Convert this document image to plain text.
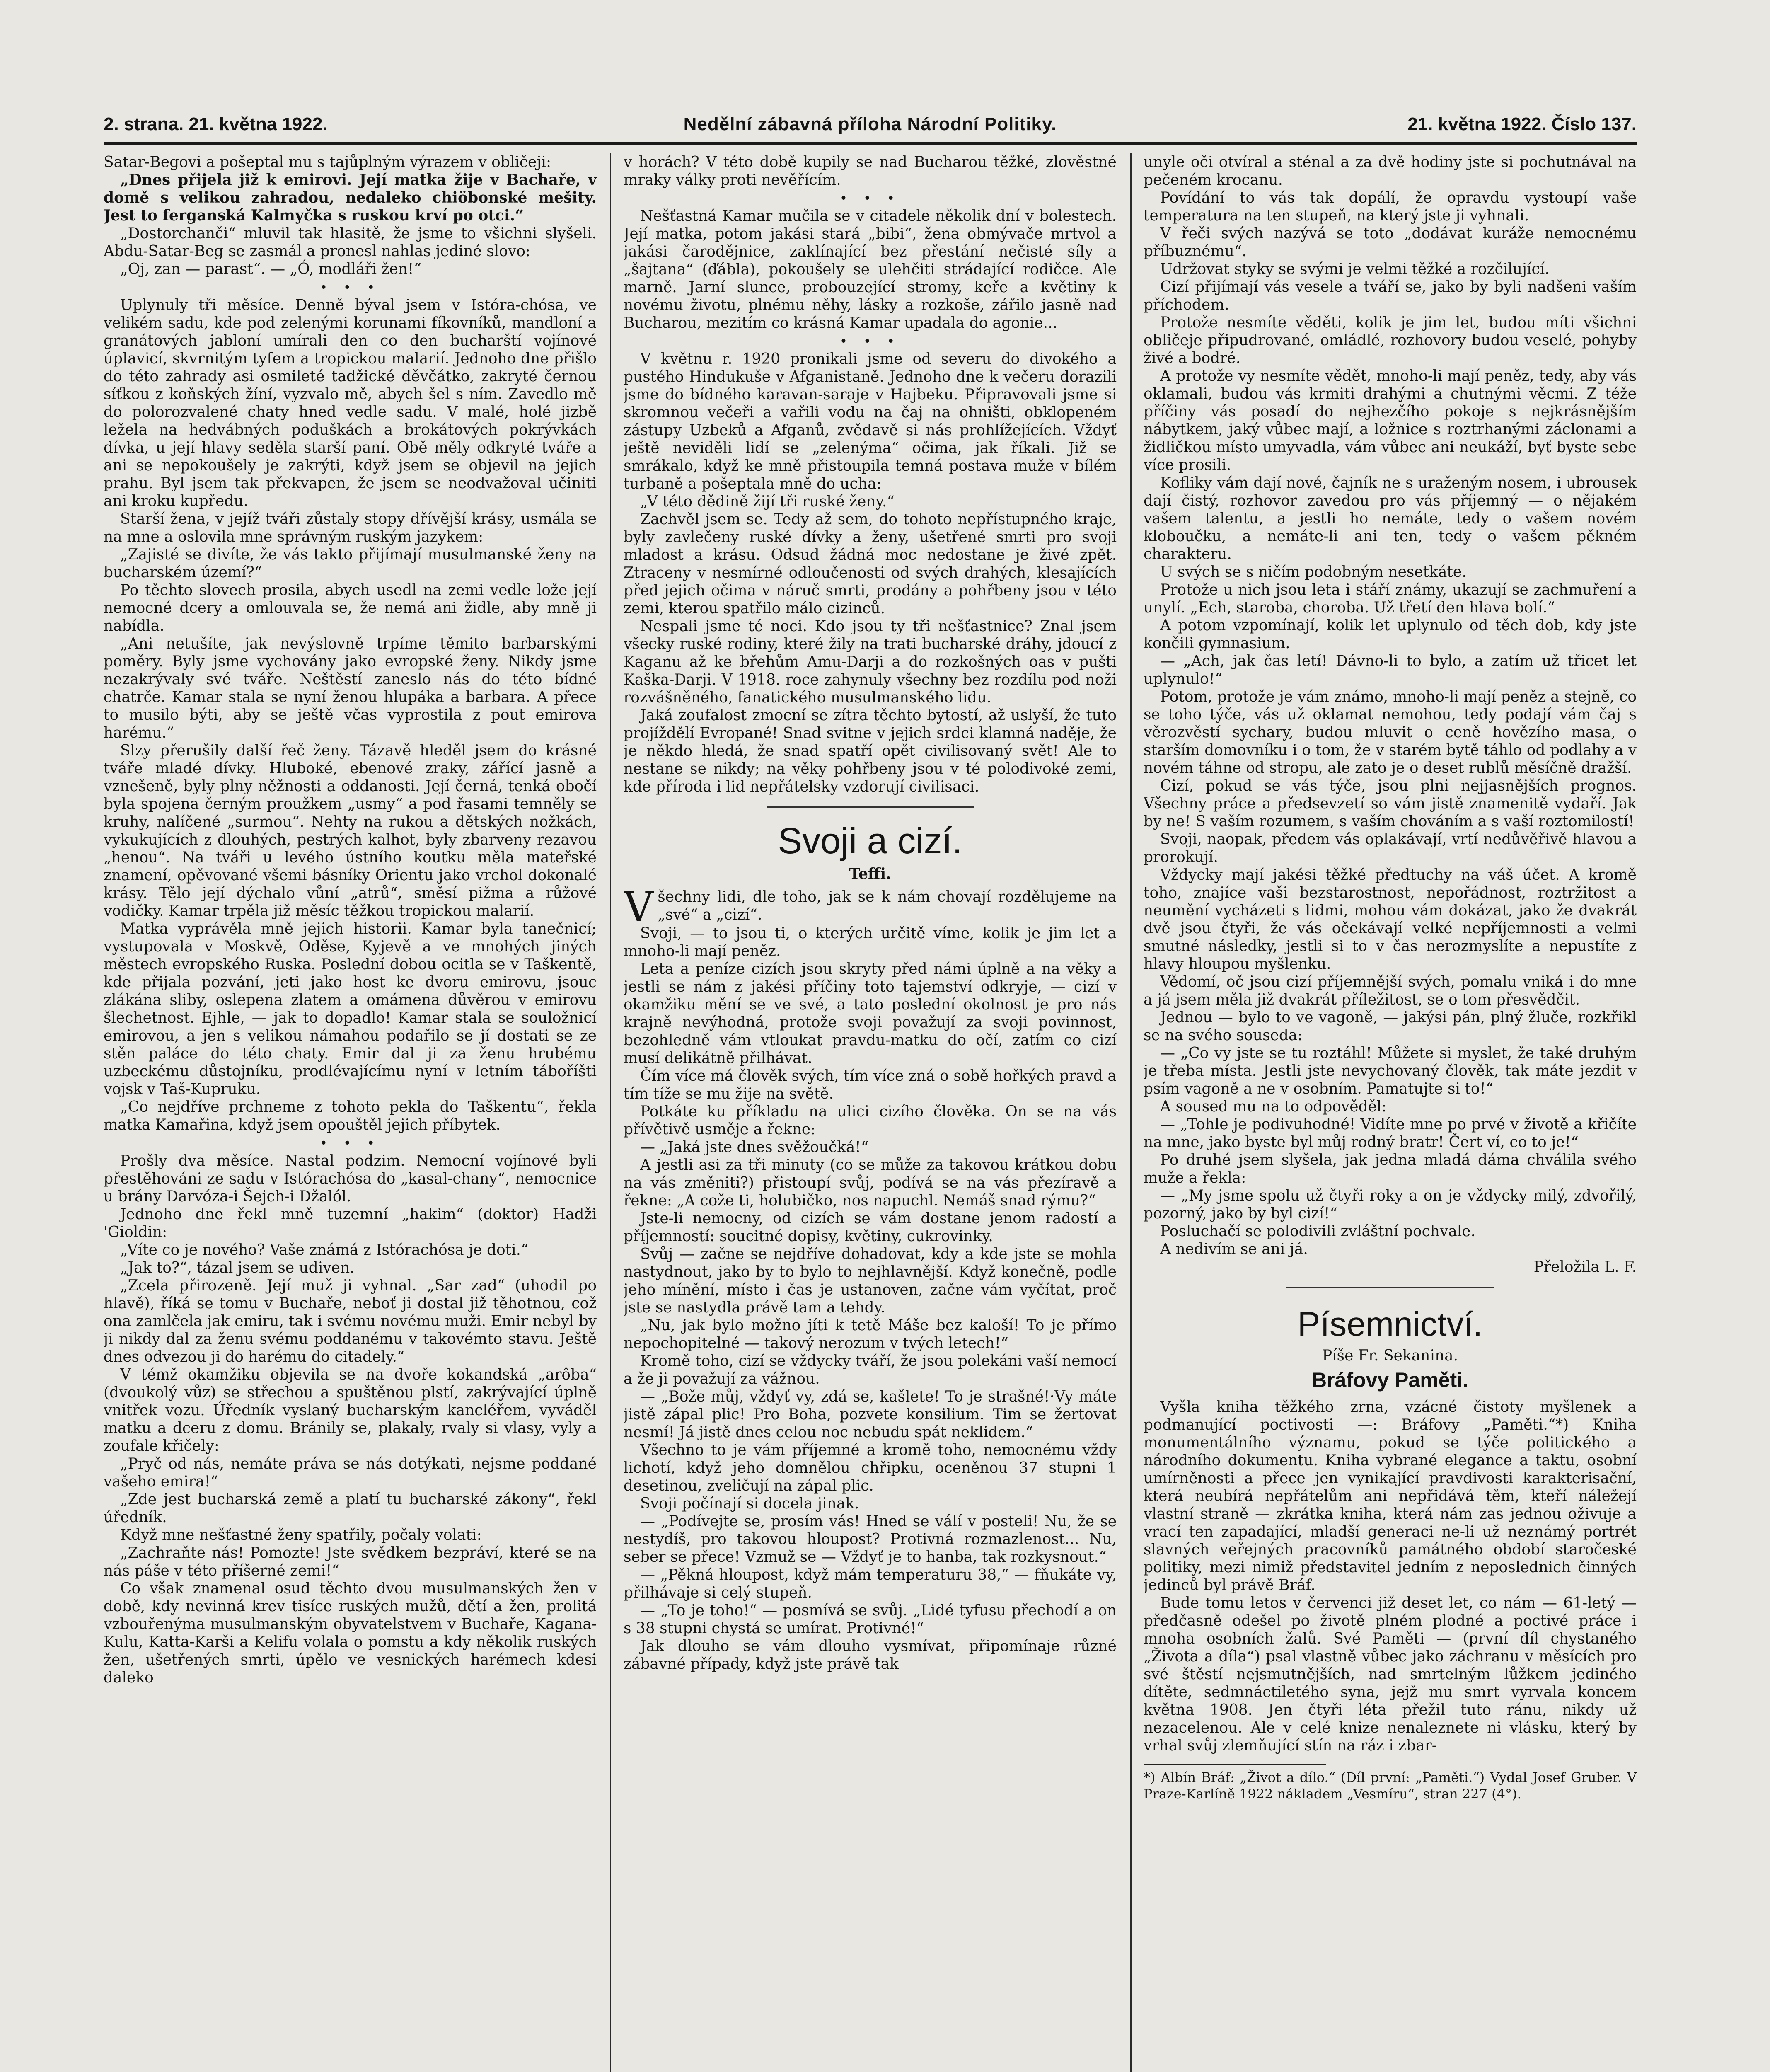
2. strana. 21. května 1922.	Nedělní zábavná příloha Národní Politiky.	21. května 1922. Číslo 137.

Satar-Begovi a pošeptal mu s tajůplným výrazem v obličeji:

„Dnes přijela již k emirovi. Její matka žije v Bachaře, v domě s velikou zahradou, nedaleko chiöbonské mešity. Jest to ferganská Kalmyčka s ruskou krví po otci.“

„Dostorchanči“ mluvil tak hlasitě, že jsme to všichni slyšeli. Abdu-Satar-Beg se zasmál a pronesl nahlas jediné slovo:

„Oj, zan — parast“. — „Ó, modláři žen!“

• • •

Uplynuly tři měsíce. Denně býval jsem v Istóra-chósa, ve velikém sadu, kde pod zelenými korunami fíkovníků, mandloní a granátových jabloní umírali den co den bucharští vojínové úplavicí, skvrnitým tyfem a tropickou malarií. Jednoho dne přišlo do této zahrady asi osmileté tadžické děvčátko, zakryté černou síťkou z koňských žíní, vyzvalo mě, abych šel s ním. Zavedlo mě do polorozvalené chaty hned vedle sadu. V malé, holé jizbě ležela na hedvábných poduškách a brokátových pokrývkách dívka, u její hlavy seděla starší paní. Obě měly odkryté tváře a ani se nepokoušely je zakrýti, když jsem se objevil na jejich prahu. Byl jsem tak překvapen, že jsem se neodvažoval učiniti ani kroku kupředu.

Starší žena, v jejíž tváři zůstaly stopy dřívější krásy, usmála se na mne a oslovila mne správným ruským jazykem:

„Zajisté se divíte, že vás takto přijímají musulmanské ženy na bucharském území?“

Po těchto slovech prosila, abych usedl na zemi vedle lože její nemocné dcery a omlouvala se, že nemá ani židle, aby mně ji nabídla.

„Ani netušíte, jak nevýslovně trpíme těmito barbarskými poměry. Byly jsme vychovány jako evropské ženy. Nikdy jsme nezakrývaly své tváře. Neštěstí zaneslo nás do této bídné chatrče. Kamar stala se nyní ženou hlupáka a barbara. A přece to musilo býti, aby se ještě včas vyprostila z pout emirova harému.“

Slzy přerušily další řeč ženy. Tázavě hleděl jsem do krásné tváře mladé dívky. Hluboké, ebenové zraky, zářící jasně a vznešeně, byly plny něžnosti a oddanosti. Její černá, tenká obočí byla spojena černým proužkem „usmy“ a pod řasami temněly se kruhy, nalíčené „surmou“. Nehty na rukou a dětských nožkách, vykukujících z dlouhých, pestrých kalhot, byly zbarveny rezavou „henou“. Na tváři u levého ústního koutku měla mateřské znamení, opěvované všemi básníky Orientu jako vrchol dokonalé krásy. Tělo její dýchalo vůní „atrů“, směsí pižma a růžové vodičky. Kamar trpěla již měsíc těžkou tropickou malarií.

Matka vyprávěla mně jejich historii. Kamar byla tanečnicí; vystupovala v Moskvě, Oděse, Kyjevě a ve mnohých jiných městech evropského Ruska. Poslední dobou ocitla se v Taškentě, kde přijala pozvání, jeti jako host ke dvoru emirovu, jsouc zlákána sliby, oslepena zlatem a omámena důvěrou v emirovu šlechetnost. Ejhle, — jak to dopadlo! Kamar stala se souložnicí emirovou, a jen s velikou námahou podařilo se jí dostati se ze stěn paláce do této chaty. Emir dal ji za ženu hrubému uzbeckému důstojníku, prodlévajícímu nyní v letním táboříšti vojsk v Taš-Kupruku.

„Co nejdříve prchneme z tohoto pekla do Taškentu“, řekla matka Kamařina, když jsem opouštěl jejich příbytek.

• • •

Prošly dva měsíce. Nastal podzim. Nemocní vojínové byli přestěhováni ze sadu v Istórachósa do „kasal-chany“, nemocnice u brány Darvóza-i Šejch-i Džalól.

Jednoho dne řekl mně tuzemní „hakim“ (doktor) Hadži 'Gioldin:

„Víte co je nového? Vaše známá z Istórachósa je doti.“

„Jak to?“, tázal jsem se udiven.

„Zcela přirozeně. Její muž ji vyhnal. „Sar zad“ (uhodil po hlavě), říká se tomu v Buchaře, neboť ji dostal již těhotnou, což ona zamlčela jak emiru, tak i svému novému muži. Emir nebyl by ji nikdy dal za ženu svému poddanému v takovémto stavu. Ještě dnes odvezou ji do harému do citadely.“

V témž okamžiku objevila se na dvoře kokandská „arôba“ (dvoukolý vůz) se střechou a spuštěnou plstí, zakrývající úplně vnitřek vozu. Úředník vyslaný bucharským kancléřem, vyváděl matku a dceru z domu. Bránily se, plakaly, rvaly si vlasy, vyly a zoufale křičely:

„Pryč od nás, nemáte práva se nás dotýkati, nejsme poddané vašeho emira!“

„Zde jest bucharská země a platí tu bucharské zákony“, řekl úředník.

Když mne nešťastné ženy spatřily, počaly volati:

„Zachraňte nás! Pomozte! Jste svědkem bezpráví, které se na nás páše v této příšerné zemi!“

Co však znamenal osud těchto dvou musulmanských žen v době, kdy nevinná krev tisíce ruských mužů, dětí a žen, prolitá vzbouřenýma musulmanským obyvatelstvem v Buchaře, Kagana-Kulu, Katta-Karši a Kelifu volala o pomstu a kdy několik ruských žen, ušetřených smrti, úpělo ve vesnických harémech kdesi daleko

v horách? V této době kupily se nad Bucharou těžké, zlověstné mraky války proti nevěřícím.

• • •

Nešťastná Kamar mučila se v citadele několik dní v bolestech. Její matka, potom jakási stará „bibi“, žena obmývače mrtvol a jakási čarodějnice, zaklínající bez přestání nečisté síly a „šajtana“ (ďábla), pokoušely se ulehčiti strádající rodičce. Ale marně. Jarní slunce, probouzející stromy, keře a květiny k novému životu, plnému něhy, lásky a rozkoše, zářilo jasně nad Bucharou, mezitím co krásná Kamar upadala do agonie...

• • •

V květnu r. 1920 pronikali jsme od severu do divokého a pustého Hindukuše v Afganistaně. Jednoho dne k večeru dorazili jsme do bídného karavan-saraje v Hajbeku. Připravovali jsme si skromnou večeři a vařili vodu na čaj na ohništi, obklopeném zástupy Uzbeků a Afganů, zvědavě si nás prohlížejících. Vždyť ještě neviděli lidí se „zelenýma“ očima, jak říkali. Již se smrákalo, když ke mně přistoupila temná postava muže v bílém turbaně a pošeptala mně do ucha:

„V této dědině žijí tři ruské ženy.“

Zachvěl jsem se. Tedy až sem, do tohoto nepřístupného kraje, byly zavlečeny ruské dívky a ženy, ušetřené smrti pro svoji mladost a krásu. Odsud žádná moc nedostane je živé zpět. Ztraceny v nesmírné odloučenosti od svých drahých, klesajících před jejich očima v náruč smrti, prodány a pohřbeny jsou v této zemi, kterou spatřilo málo cizinců.

Nespali jsme té noci. Kdo jsou ty tři nešťastnice? Znal jsem všecky ruské rodiny, které žily na trati bucharské dráhy, jdoucí z Kaganu až ke břehům Amu-Darji a do rozkošných oas v pušti Kaška-Darji. V 1918. roce zahynuly všechny bez rozdílu pod noži rozvášněného, fanatického musulmanského lidu.

Jaká zoufalost zmocní se zítra těchto bytostí, až uslyší, že tuto projíždělí Evropané! Snad svitne v jejich srdci klamná naděje, že je někdo hledá, že snad spatří opět civilisovaný svět! Ale to nestane se nikdy; na věky pohřbeny jsou v té polodivoké zemi, kde příroda i lid nepřátelsky vzdorují civilisaci.

Svoji a cizí.
Teffi.

Všechny lidi, dle toho, jak se k nám chovají rozdělujeme na „své“ a „cizí“.

Svoji, — to jsou ti, o kterých určitě víme, kolik je jim let a mnoho-li mají peněz.

Leta a peníze cizích jsou skryty před námi úplně a na věky a jestli se nám z jakési příčiny toto tajemství odkryje, — cizí v okamžiku mění se ve své, a tato poslední okolnost je pro nás krajně nevýhodná, protože svoji považují za svoji povinnost, bezohledně vám vtloukat pravdu-matku do očí, zatím co cizí musí delikátně přilhávat.

Čím více má člověk svých, tím více zná o sobě hořkých pravd a tím tíže se mu žije na světě.

Potkáte ku příkladu na ulici cizího člověka. On se na vás přívětivě usměje a řekne:

— „Jaká jste dnes svěžoučká!“

A jestli asi za tři minuty (co se může za takovou krátkou dobu na vás změniti?) přistoupí svůj, podívá se na vás přezíravě a řekne: „A cože ti, holubičko, nos napuchl. Nemáš snad rýmu?“

Jste-li nemocny, od cizích se vám dostane jenom radostí a příjemností: soucitné dopisy, květiny, cukrovinky.

Svůj — začne se nejdříve dohadovat, kdy a kde jste se mohla nastydnout, jako by to bylo to nejhlavnější. Když konečně, podle jeho mínění, místo i čas je ustanoven, začne vám vyčítat, proč jste se nastydla právě tam a tehdy.

„Nu, jak bylo možno jíti k tetě Máše bez kaloší! To je přímo nepochopitelné — takový nerozum v tvých letech!“

Kromě toho, cizí se vždycky tváří, že jsou polekáni vaší nemocí a že ji považují za vážnou.

— „Bože můj, vždyť vy, zdá se, kašlete! To je strašné!·Vy máte jistě zápal plic! Pro Boha, pozvete konsilium. Tim se žertovat nesmí! Já jistě dnes celou noc nebudu spát neklidem.“

Všechno to je vám příjemné a kromě toho, nemocnému vždy lichotí, když jeho domnělou chřipku, oceněnou 37 stupni 1 desetinou, zveličují na zápal plic.

Svoji počínají si docela jinak.

— „Podívejte se, prosím vás! Hned se válí v posteli! Nu, že se nestydíš, pro takovou hloupost? Protivná rozmazlenost... Nu, seber se přece! Vzmuž se — Vždyť je to hanba, tak rozkysnout.“

— „Pěkná hloupost, když mám temperaturu 38,“ — fňukáte vy, přilhávaje si celý stupeň.

— „To je toho!“ — posmívá se svůj. „Lidé tyfusu přechodí a on s 38 stupni chystá se umírat. Protivné!“

Jak dlouho se vám dlouho vysmívat, připomínaje různé zábavné případy, když jste právě tak

unyle oči otvíral a sténal a za dvě hodiny jste si pochutnával na pečeném krocanu.

Povídání to vás tak dopálí, že opravdu vystoupí vaše temperatura na ten stupeň, na který jste ji vyhnali.

V řeči svých nazývá se toto „dodávat kuráže nemocnému příbuznému“.

Udržovat styky se svými je velmi těžké a rozčilující.

Cizí přijímají vás vesele a tváří se, jako by byli nadšeni vaším příchodem.

Protože nesmíte věděti, kolik je jim let, budou míti všichni obličeje připudrované, omládlé, rozhovory budou veselé, pohyby živé a bodré.

A protože vy nesmíte vědět, mnoho-li mají peněz, tedy, aby vás oklamali, budou vás krmiti drahými a chutnými věcmi. Z téže příčiny vás posadí do nejhezčího pokoje s nejkrásnějším nábytkem, jaký vůbec mají, a ložnice s roztrhanými záclonami a židličkou místo umyvadla, vám vůbec ani neukáží, byť byste sebe více prosili.

Kofliky vám dají nové, čajník ne s uraženým nosem, i ubrousek dají čistý, rozhovor zavedou pro vás příjemný — o nějakém vašem talentu, a jestli ho nemáte, tedy o vašem novém kloboučku, a nemáte-li ani ten, tedy o vašem pěkném charakteru.

U svých se s ničím podobným nesetkáte.

Protože u nich jsou leta i stáří známy, ukazují se zachmuření a unylí. „Ech, staroba, choroba. Už třetí den hlava bolí.“

A potom vzpomínají, kolik let uplynulo od těch dob, kdy jste končili gymnasium.

— „Ach, jak čas letí! Dávno-li to bylo, a zatím už třicet let uplynulo!“

Potom, protože je vám známo, mnoho-li mají peněz a stejně, co se toho týče, vás už oklamat nemohou, tedy podají vám čaj s věrozvěstí sychary, budou mluvit o ceně hovězího masa, o starším domovníku i o tom, že v starém bytě táhlo od podlahy a v novém táhne od stropu, ale zato je o deset rublů měsíčně dražší.

Cizí, pokud se vás týče, jsou plni nejjasnějších prognos. Všechny práce a předsevzetí so vám jistě znamenitě vydaří. Jak by ne! S vaším rozumem, s vaším chováním a s vaší roztomilostí!

Svoji, naopak, předem vás oplakávají, vrtí nedůvěřivě hlavou a prorokují.

Vždycky mají jakési těžké předtuchy na váš účet. A kromě toho, znajíce vaši bezstarostnost, nepořádnost, roztržitost a neumění vycházeti s lidmi, mohou vám dokázat, jako že dvakrát dvě jsou čtyři, že vás očekávají velké nepříjemnosti a velmi smutné následky, jestli si to v čas nerozmyslíte a nepustíte z hlavy hloupou myšlenku.

Vědomí, oč jsou cizí příjemnější svých, pomalu vniká i do mne a já jsem měla již dvakrát příležitost, se o tom přesvědčit.

Jednou — bylo to ve vagoně, — jakýsi pán, plný žluče, rozkřikl se na svého souseda:

— „Co vy jste se tu roztáhl! Můžete si myslet, že také druhým je třeba místa. Jestli jste nevychovaný člověk, tak máte jezdit v psím vagoně a ne v osobním. Pamatujte si to!“

A soused mu na to odpověděl:

— „Tohle je podivuhodné! Vidíte mne po prvé v životě a křičíte na mne, jako byste byl můj rodný bratr! Čert ví, co to je!“

Po druhé jsem slyšela, jak jedna mladá dáma chválila svého muže a řekla:

— „My jsme spolu už čtyři roky a on je vždycky milý, zdvořilý, pozorný, jako by byl cizí!“

Posluchačí se polodivili zvláštní pochvale.

A nedivím se ani já.

Přeložila L. F.

Písemnictví.
Píše Fr. Sekanina.
Bráfovy Paměti.

Vyšla kniha těžkého zrna, vzácné čistoty myšlenek a podmanující poctivosti —: Bráfovy „Paměti.“*) Kniha monumentálního významu, pokud se týče politického a národního dokumentu. Kniha vybrané elegance a taktu, osobní umírněnosti a přece jen vynikající pravdivosti karakterisační, která neubírá nepřátelům ani nepřidává těm, kteří náležejí vlastní straně — zkrátka kniha, která nám zas jednou oživuje a vrací ten zapadající, mladší generaci ne-li už neznámý portrét slavných veřejných pracovníků památného období staročeské politiky, mezi nimiž představitel jedním z neposlednich činných jedinců byl právě Bráf.

Bude tomu letos v červenci již deset let, co nám — 61-letý — předčasně odešel po životě plném plodné a poctivé práce i mnoha osobních žalů. Své Paměti — (první díl chystaného „Života a díla“) psal vlastně vůbec jako záchranu v měsících pro své štěstí nejsmutnějších, nad smrtelným lůžkem jediného dítěte, sedmnáctiletého syna, jejž mu smrt vyrvala koncem května 1908. Jen čtyři léta přežil tuto ránu, nikdy už nezacelenou. Ale v celé knize nenaleznete ni vlásku, který by vrhal svůj zlemňující stín na ráz i zbar-

*) Albín Bráf: „Život a dílo.“ (Díl první: „Paměti.“) Vydal Josef Gruber. V Praze-Karlíně 1922 nákladem „Vesmíru“, stran 227 (4°).
